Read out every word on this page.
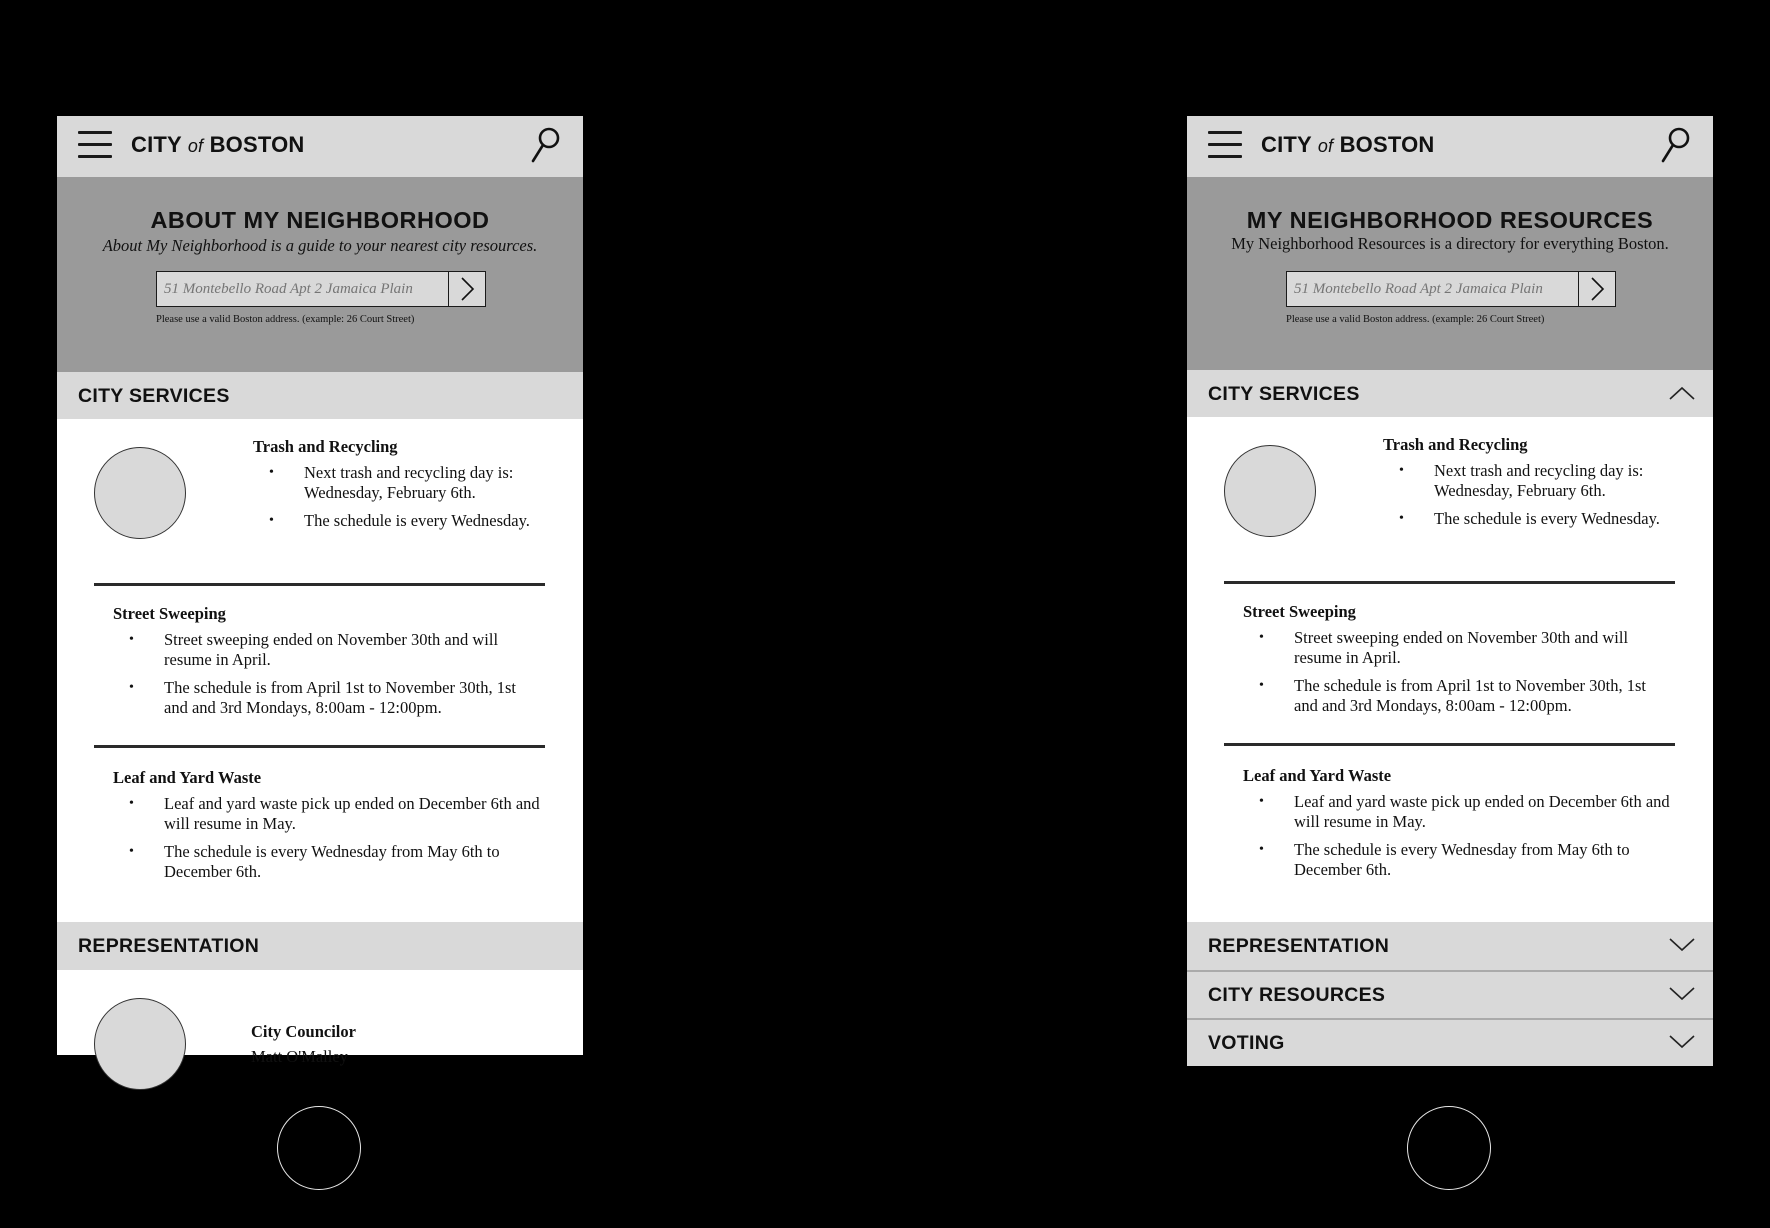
CITY of BOSTON
ABOUT MY NEIGHBORHOOD
About My Neighborhood is a guide to your nearest city resources.
51 Montebello Road Apt 2 Jamaica Plain
Please use a valid Boston address. (example: 26 Court Street)
CITY SERVICES
Trash and Recycling
• Next trash and recycling day is: Wednesday, February 6th.
• The schedule is every Wednesday.
Street Sweeping
• Street sweeping ended on November 30th and will resume in April.
• The schedule is from April 1st to November 30th, 1st and and 3rd Mondays, 8:00am - 12:00pm.
Leaf and Yard Waste
• Leaf and yard waste pick up ended on December 6th and will resume in May.
• The schedule is every Wednesday from May 6th to December 6th.
REPRESENTATION
City Councilor
Matt O'Malley
CITY of BOSTON
MY NEIGHBORHOOD RESOURCES
My Neighborhood Resources is a directory for everything Boston.
51 Montebello Road Apt 2 Jamaica Plain
Please use a valid Boston address. (example: 26 Court Street)
CITY SERVICES
Trash and Recycling
• Next trash and recycling day is: Wednesday, February 6th.
• The schedule is every Wednesday.
Street Sweeping
• Street sweeping ended on November 30th and will resume in April.
• The schedule is from April 1st to November 30th, 1st and and 3rd Mondays, 8:00am - 12:00pm.
Leaf and Yard Waste
• Leaf and yard waste pick up ended on December 6th and will resume in May.
• The schedule is every Wednesday from May 6th to December 6th.
REPRESENTATION
CITY RESOURCES
VOTING
